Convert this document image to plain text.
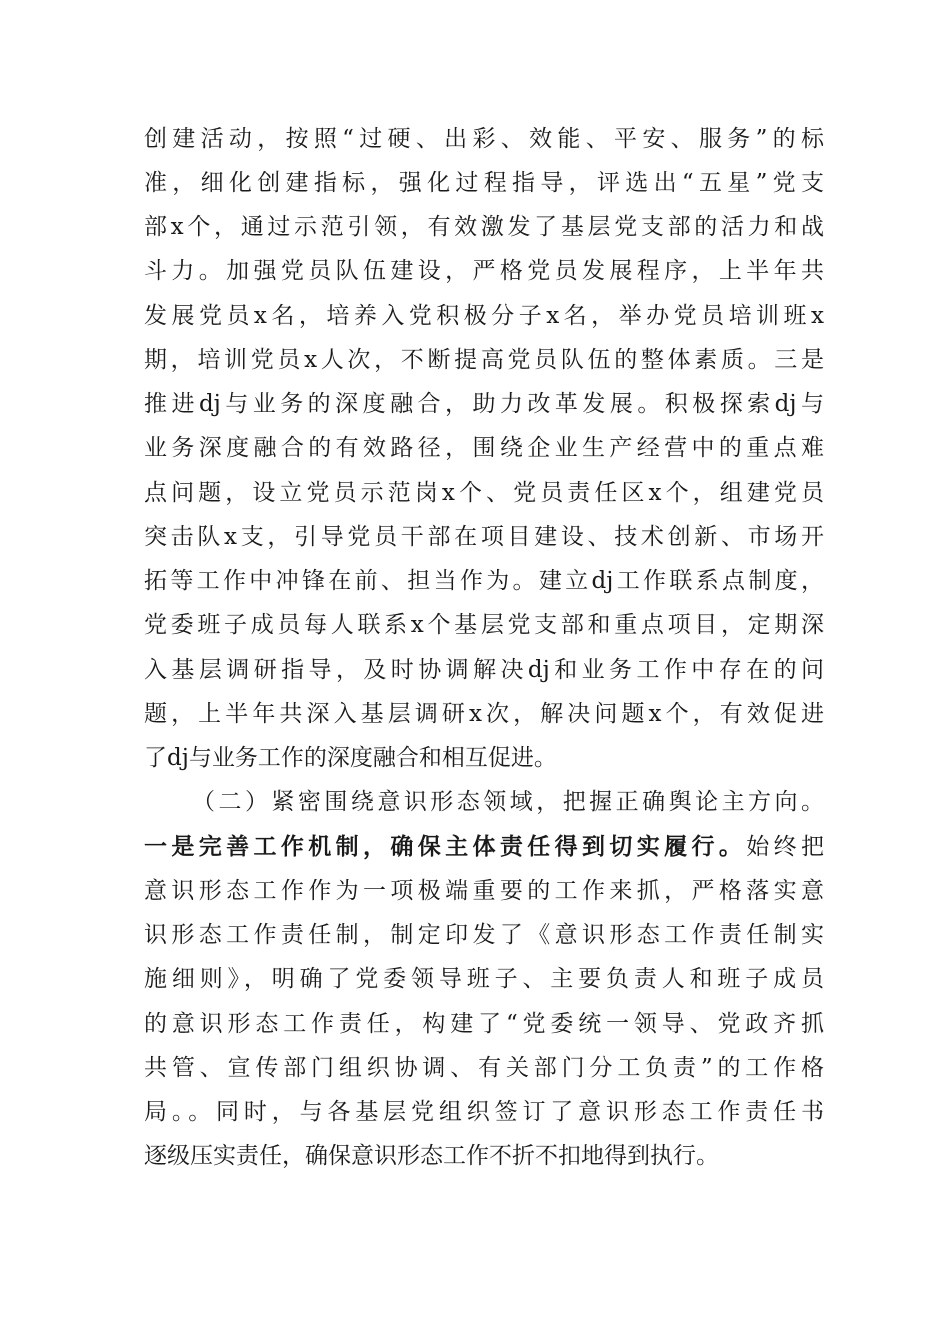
创建活动，按照“过硬、出彩、效能、平安、服务”的标
准，细化创建指标，强化过程指导，评选出“五星”党支
部x个，通过示范引领，有效激发了基层党支部的活力和战
斗力。加强党员队伍建设，严格党员发展程序，上半年共
发展党员x名，培养入党积极分子x名，举办党员培训班x
期，培训党员x人次，不断提高党员队伍的整体素质。三是
推进dj与业务的深度融合，助力改革发展。积极探索dj与
业务深度融合的有效路径，围绕企业生产经营中的重点难
点问题，设立党员示范岗x个、党员责任区x个，组建党员
突击队x支，引导党员干部在项目建设、技术创新、市场开
拓等工作中冲锋在前、担当作为。建立dj工作联系点制度，
党委班子成员每人联系x个基层党支部和重点项目，定期深
入基层调研指导，及时协调解决dj和业务工作中存在的问
题，上半年共深入基层调研x次，解决问题x个，有效促进
了dj与业务工作的深度融合和相互促进。
（二）紧密围绕意识形态领域，把握正确舆论主方向。
一是完善工作机制，确保主体责任得到切实履行。始终把
意识形态工作作为一项极端重要的工作来抓，严格落实意
识形态工作责任制，制定印发了《意识形态工作责任制实
施细则》，明确了党委领导班子、主要负责人和班子成员
的意识形态工作责任，构建了“党委统一领导、党政齐抓
共管、宣传部门组织协调、有关部门分工负责”的工作格
局。。同时，与各基层党组织签订了意识形态工作责任书
逐级压实责任，确保意识形态工作不折不扣地得到执行。
